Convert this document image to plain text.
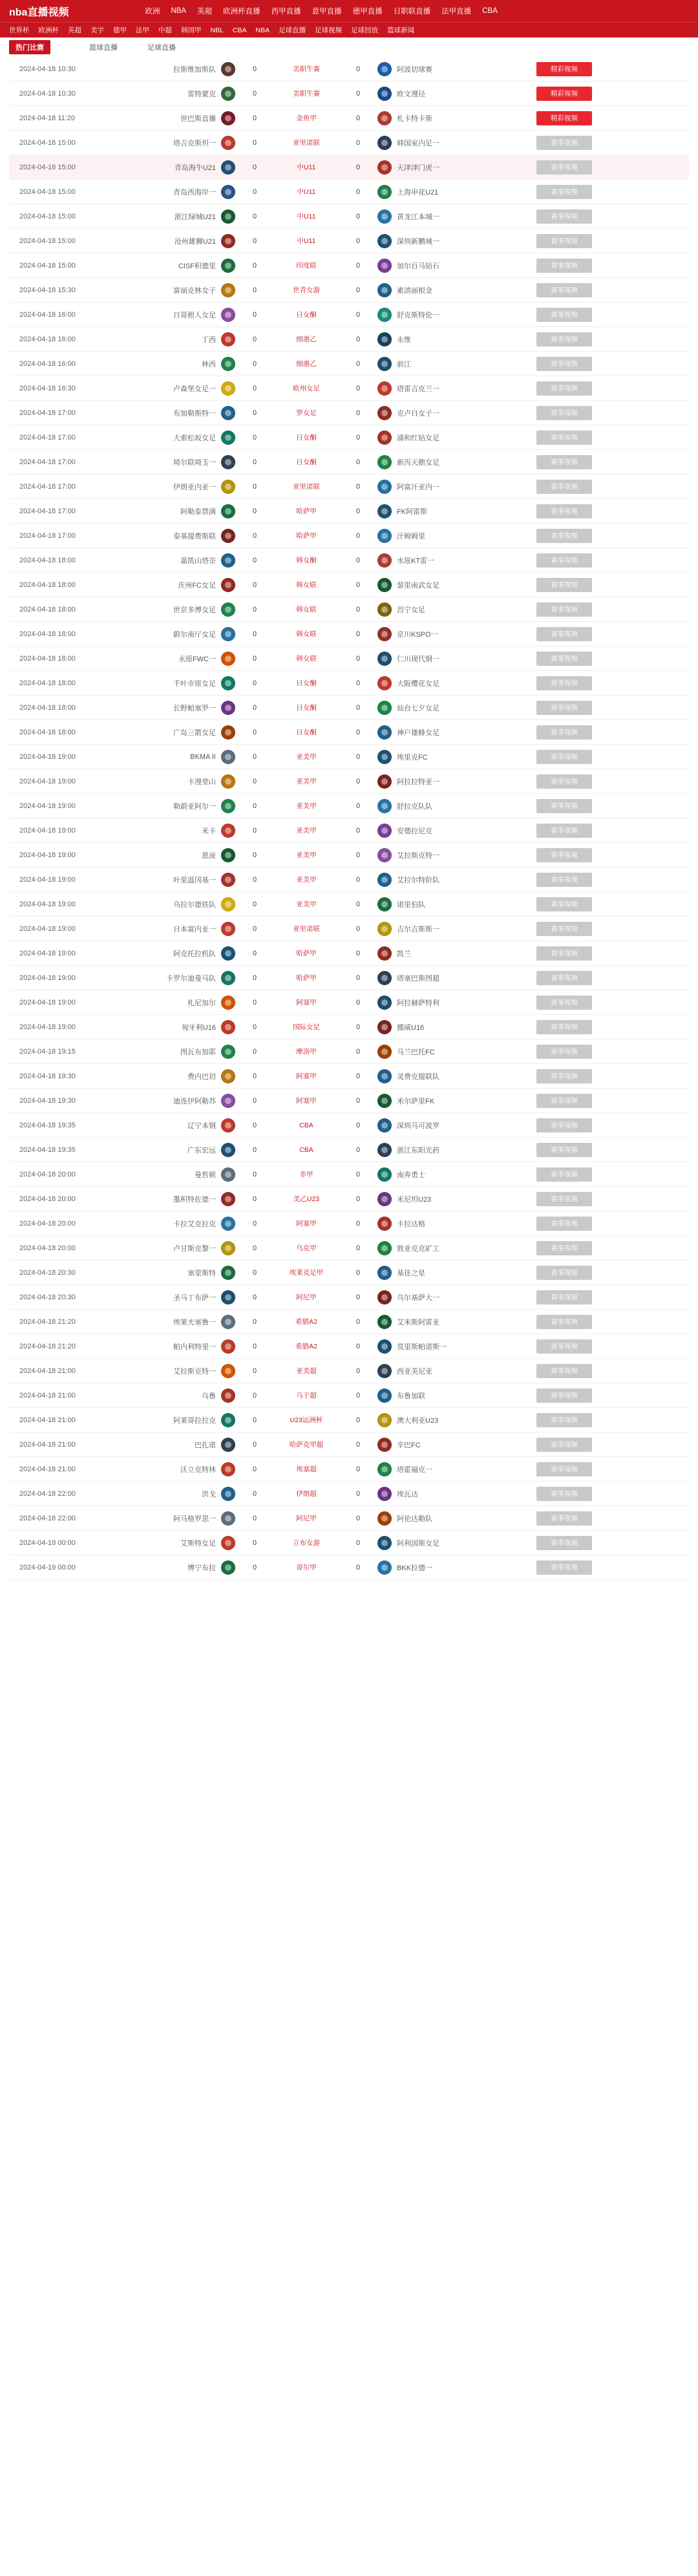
nba直播视频	欧洲 NBA 英超 欧洲杯直播 西甲直播 意甲直播 德甲直播 日职联直播 法甲直播 CBA
世界杯 欧洲杯 英超 美字 德甲 法甲 中超 韩国甲 NBL CBA NBA 足球直播 足球视频 足球回放 篮球新闻
热门比赛	篮球直播	足球直播
2024-04-18 10:30	拉斯维加斯队	0	美职牛赛	0	阿波切球赛	精彩视频
2024-04-18 10:30	雷特蒙克	0	美职牛赛	0	欧文漫径	精彩视频
2024-04-18 11:20	世巴斯直播	0	金鱼甲	0	札卡特卡斯	精彩视频
2024-04-18 15:00	塔吉克斯坦一	0	亚里诺联	0	韩国室内足一	赛事视频
2024-04-18 15:00	青岛海牛U21	0	中U11	0	天津津门虎一	赛事视频
2024-04-18 15:00	青岛西海岸一	0	中U11	0	上海申花U21	赛事视频
2024-04-18 15:00	浙江绿城U21	0	中U11	0	黄龙江本城一	赛事视频
2024-04-18 15:00	沧州雄狮U21	0	中U11	0	深圳新鹏城一	赛事视频
2024-04-18 15:00	CISF积德里	0	印度联	0	加尔百马钻石	赛事视频
2024-04-18 15:30	富丽克林女子	0	世青女游	0	素清丽根金	赛事视频
2024-04-18 16:00	日哥根人女足	0	日女酮	0	舒克斯特伦一	赛事视频
2024-04-18 16:00	丁西	0	细港乙	0	永维	赛事视频
2024-04-18 16:00	林西	0	细港乙	0	前江	赛事视频
2024-04-18 16:30	卢森堡女足一	0	欧州女足	0	塔雷吉克兰一	赛事视频
2024-04-18 17:00	布加勒斯特一	0	罗女足	0	克卢日女子一	赛事视频
2024-04-18 17:00	大索松坂女足	0	日女酮	0	浦和红钻女足	赛事视频
2024-04-18 17:00	埼尔联埼玉一	0	日女酮	0	新泻天鹅女足	赛事视频
2024-04-18 17:00	伊朗亚内亚一	0	亚里诺联	0	阿富汗亚内一	赛事视频
2024-04-18 17:00	阿勒泰禁满	0	哈萨甲	0	FK阿雷斯	赛事视频
2024-04-18 17:00	泰基提费斯联	0	哈萨甲	0	汗姆姆里	赛事视频
2024-04-18 18:00	嘉凯山塔奈	0	韩女酮	0	水原KT雷一	赛事视频
2024-04-18 18:00	庆州FC女足	0	韩女联	0	瑟里南武女足	赛事视频
2024-04-18 18:00	世京多博女足	0	韩女联	0	昌宁女足	赛事视频
2024-04-18 18:00	蔚尔南厅女足	0	韩女联	0	京川KSPO一	赛事视频
2024-04-18 18:00	永原FWC一	0	韩女联	0	仁川现代钢一	赛事视频
2024-04-18 18:00	千叶市原女足	0	日女酮	0	大阪樱花女足	赛事视频
2024-04-18 18:00	长野帕塞罗一	0	日女酮	0	仙台七夕女足	赛事视频
2024-04-18 18:00	广岛三箭女足	0	日女酮	0	神户雄蜂女足	赛事视频
2024-04-18 19:00	BKMA II	0	亚美甲	0	埃里克FC	赛事视频
2024-04-18 19:00	卡漫堂山	0	亚美甲	0	阿拉拉特亚一	赛事视频
2024-04-18 19:00	勒蔚亚阿尔一	0	亚美甲	0	舒拉克队队	赛事视频
2024-04-18 19:00	米卡	0	亚美甲	0	安德拉尼克	赛事视频
2024-04-18 19:00	恩庞	0	亚美甲	0	艾拉斯克特一	赛事视频
2024-04-18 19:00	叶里温冈基一	0	亚美甲	0	艾拉尔特阶队	赛事视频
2024-04-18 19:00	乌拉尔德铁队	0	亚美甲	0	诺里伯队	赛事视频
2024-04-18 19:00	日本富内亚一	0	亚里诺联	0	吉尔吉斯斯一	赛事视频
2024-04-18 19:00	阿克托拉机队	0	哈萨甲	0	凯兰	赛事视频
2024-04-18 19:00	卡罗尔迪曼马队	0	哈萨甲	0	塔塞巴斯图超	赛事视频
2024-04-18 19:00	札尼加尔	0	阿塞甲	0	阿拉赫萨特利	赛事视频
2024-04-18 19:00	匈牙利U16	0	国际女足	0	挪威U16	赛事视频
2024-04-18 19:15	图瓦布加耶	0	摩洛甲	0	马兰巴托FC	赛事视频
2024-04-18 19:30	费内巴切	0	阿塞甲	0	灵费克提联队	赛事视频
2024-04-18 19:30	迪连伊阿勒苏	0	阿塞甲	0	米尔萨里FK	赛事视频
2024-04-18 19:35	辽宁本钢	0	CBA	0	深圳马可波罗	赛事视频
2024-04-18 19:35	广东宏远	0	CBA	0	浙江东阳光药	赛事视频
2024-04-18 20:00	曼哲顿	0	非甲	0	南奔勇士	赛事视频
2024-04-18 20:00	墨积特佐德一	0	美乙U23	0	米尼坦U23	赛事视频
2024-04-18 20:00	卡拉艾克拉克	0	阿塞甲	0	卡拉达格	赛事视频
2024-04-18 20:00	卢甘斯克黎一	0	乌克甲	0	敦亚克克矿工	赛事视频
2024-04-18 20:30	塞里斯特	0	埃莱克足甲	0	基佳之星	赛事视频
2024-04-18 20:30	圣马丁布萨一	0	阿尼甲	0	乌尔基萨大一	赛事视频
2024-04-18 21:20	埃莱夫塞鲁一	0	希腊A2	0	艾米斯阿雷亚	赛事视频
2024-04-18 21:20	帕内利特里一	0	希腊A2	0	莫里斯帕诺斯一	赛事视频
2024-04-18 21:00	艾拉斯克特一	0	亚美超	0	西亚美尼亚	赛事视频
2024-04-18 21:00	乌鲁	0	乌干超	0	布鲁加联	赛事视频
2024-04-18 21:00	阿莱哥拉拉克	0	U23运洲杯	0	澳大利亚U23	赛事视频
2024-04-18 21:00	巴扎诺	0	哈萨克甲超	0	辛巴FC	赛事视频
2024-04-18 21:00	沃立克特林	0	埃塞超	0	塔霍福克一	赛事视频
2024-04-18 22:00	洪戈	0	伊朗超	0	埃瓦达	赛事视频
2024-04-18 22:00	阿马格罗思一	0	阿尼甲	0	阿伦达勒队	赛事视频
2024-04-19 00:00	艾斯特女足	0	立布女游	0	阿利国斯女足	赛事视频
2024-04-19 00:00	博宁布拉	0	哥尔甲	0	BKK拉德一	赛事视频
